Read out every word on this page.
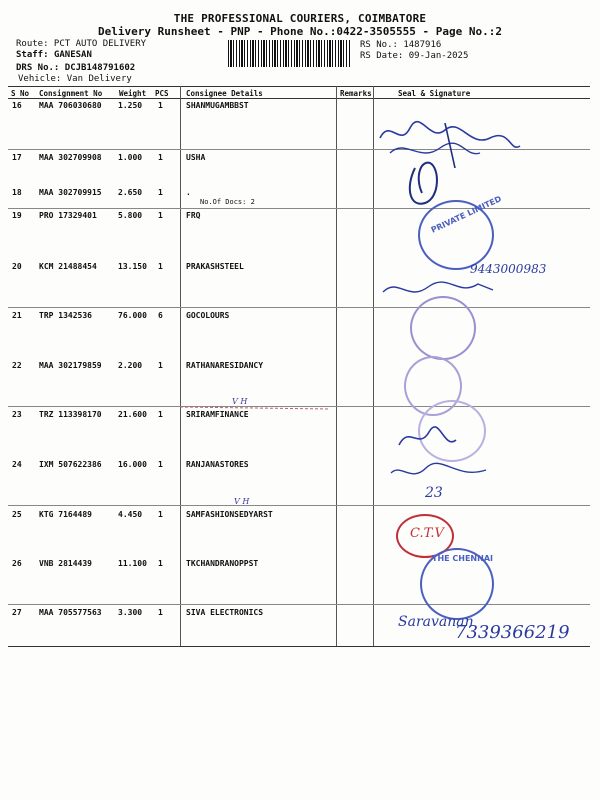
THE PROFESSIONAL COURIERS, COIMBATORE
Delivery Runsheet - PNP - Phone No.:0422-3505555 - Page No.:2
Route: PCT AUTO DELIVERY
Staff: GANESAN
DRS No.: DCJB148791602
Vehicle: Van Delivery
RS No.: 1487916
RS Date: 09-Jan-2025
S No Consignment No Weight PCS Consignee Details	Remarks	Seal & Signature
16 MAA 706030680 1.250 1	SHANMUGAMBBST
17 MAA 302709908 1.000 1	USHA
18 MAA 302709915 2.650 1	.
No.Of Docs: 2
19 PRO 17329401	5.800 1	FRQ
20 KCM 21488454	13.150 1	PRAKASHSTEEL
21 TRP 1342536	76.000 6	GOCOLOURS
22 MAA 302179859 2.200 1	RATHANARESIDANCY
23 TRZ 113398170 21.600 1	SRIRAMFINANCE
24 IXM 507622386 16.000 1	RANJANASTORES
25 KTG 7164489	4.450 1	SAMFASHIONSEDYARST
26 VNB 2814439	11.100 1	TKCHANDRANOPPST
27 MAA 705577563 3.300 1	SIVA ELECTRONICS
PRIVATE LIMITED
9443000983
V H
23
V H
C.T.V
THE CHENNAI
Saravanan
7339366219
